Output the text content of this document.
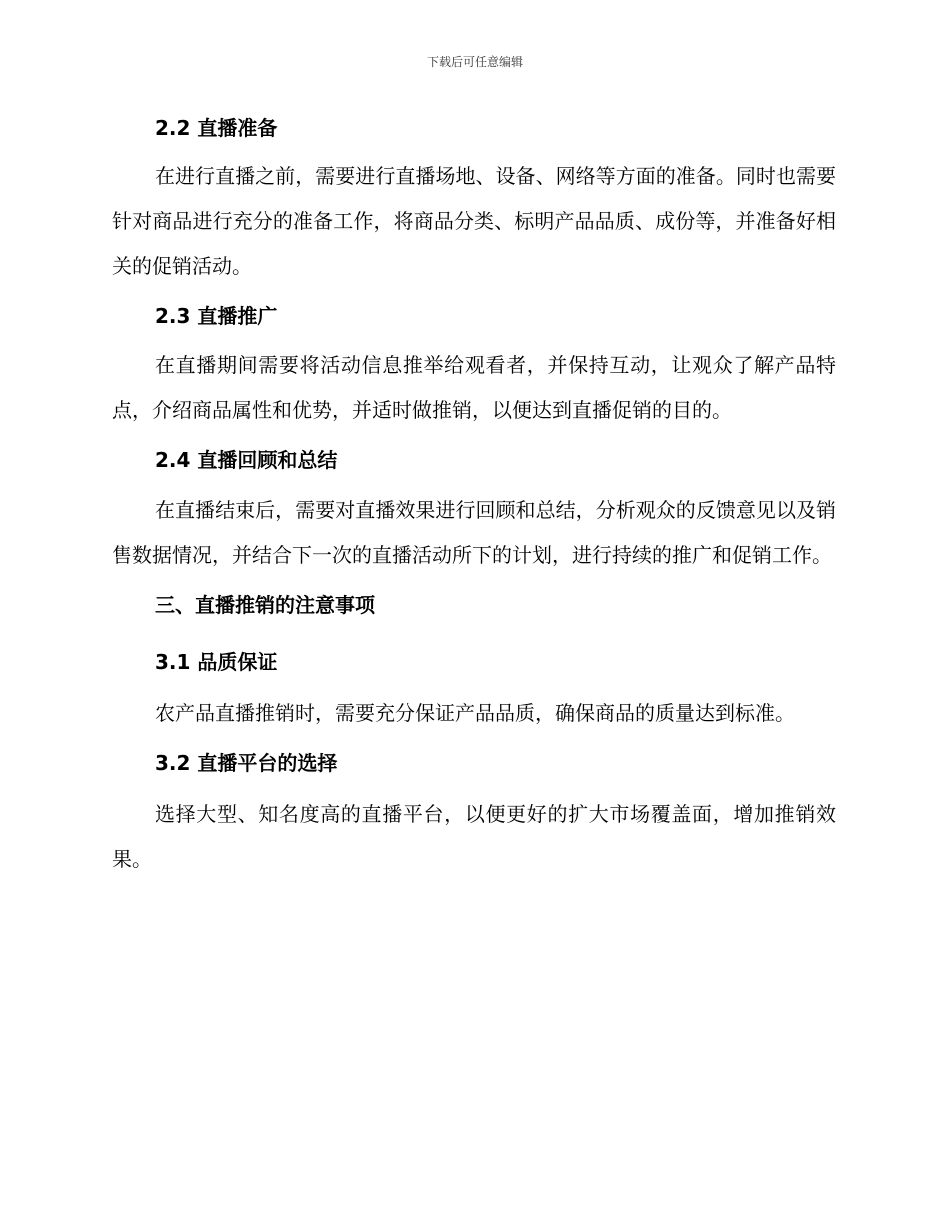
下载后可任意编辑
2.2 直播准备

在进行直播之前，需要进行直播场地、设备、网络等方面的准备。同时也需要针对商品进行充分的准备工作，将商品分类、标明产品品质、成份等，并准备好相关的促销活动。

2.3 直播推广

在直播期间需要将活动信息推举给观看者，并保持互动，让观众了解产品特点，介绍商品属性和优势，并适时做推销，以便达到直播促销的目的。

2.4 直播回顾和总结

在直播结束后，需要对直播效果进行回顾和总结，分析观众的反馈意见以及销售数据情况，并结合下一次的直播活动所下的计划，进行持续的推广和促销工作。

三、直播推销的注意事项
3.1 品质保证

农产品直播推销时，需要充分保证产品品质，确保商品的质量达到标准。

3.2 直播平台的选择

选择大型、知名度高的直播平台，以便更好的扩大市场覆盖面，增加推销效果。
